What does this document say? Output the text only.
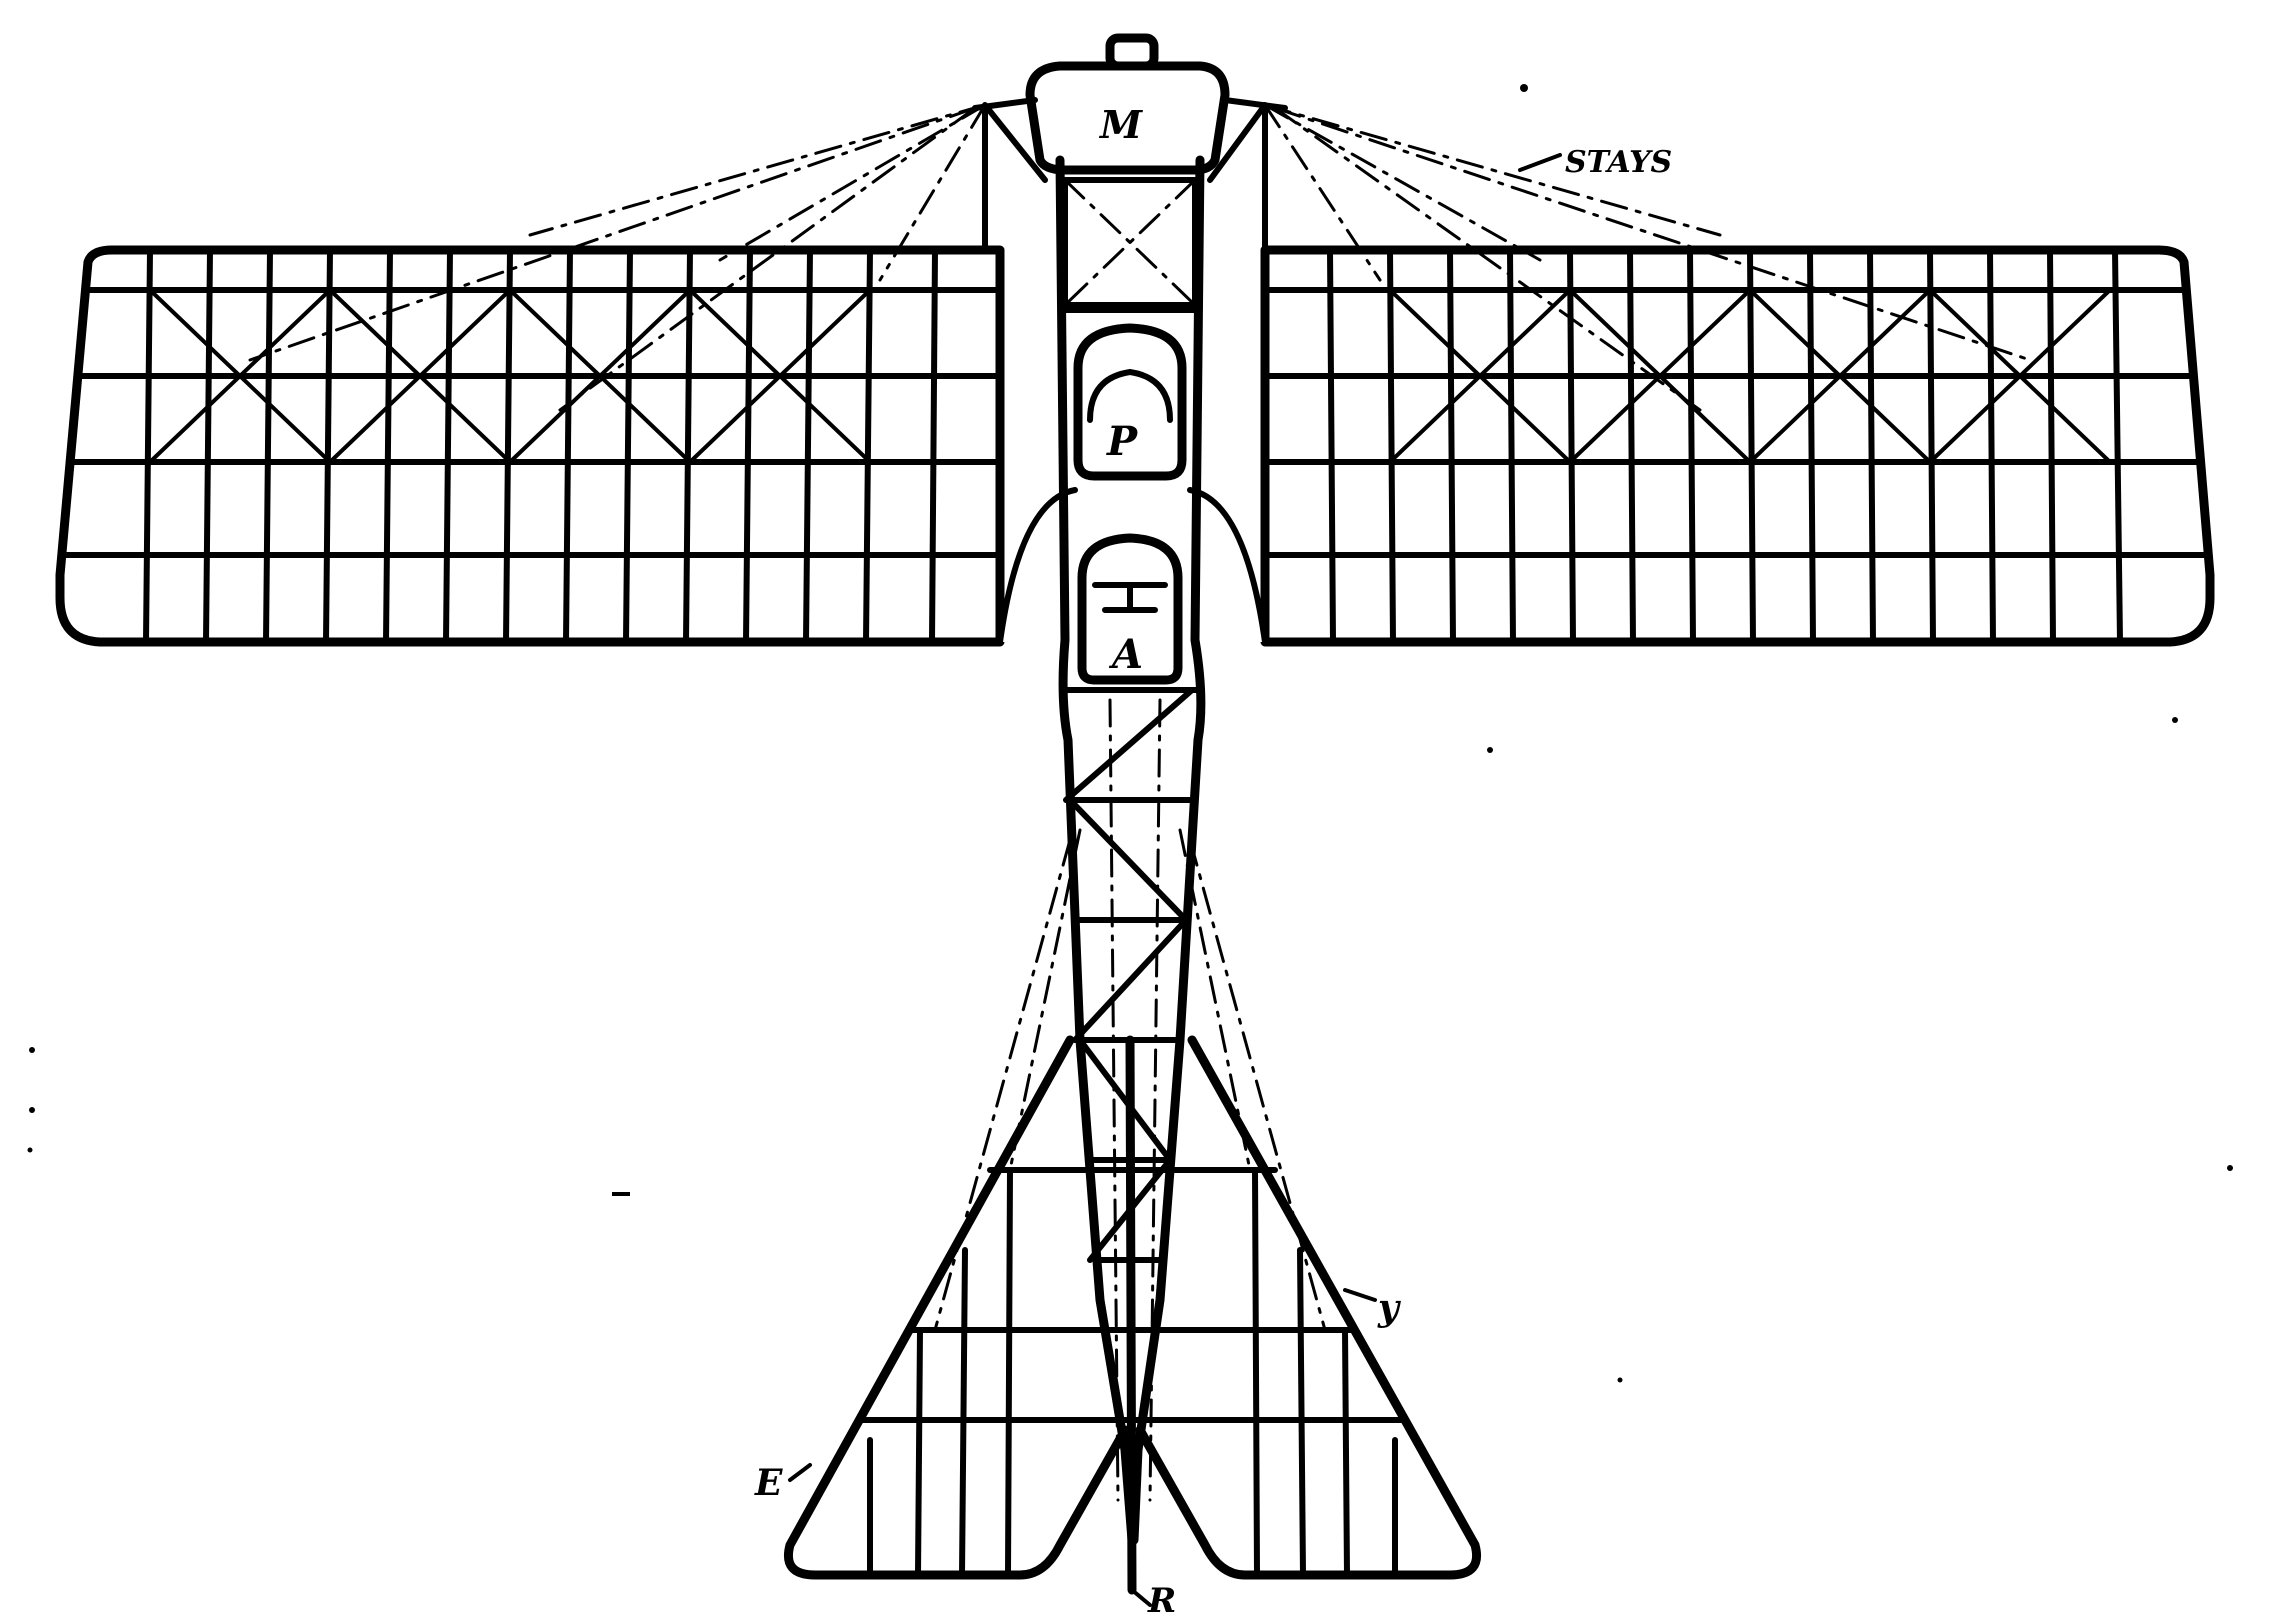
M
P
A
STAYS
y
E
R
